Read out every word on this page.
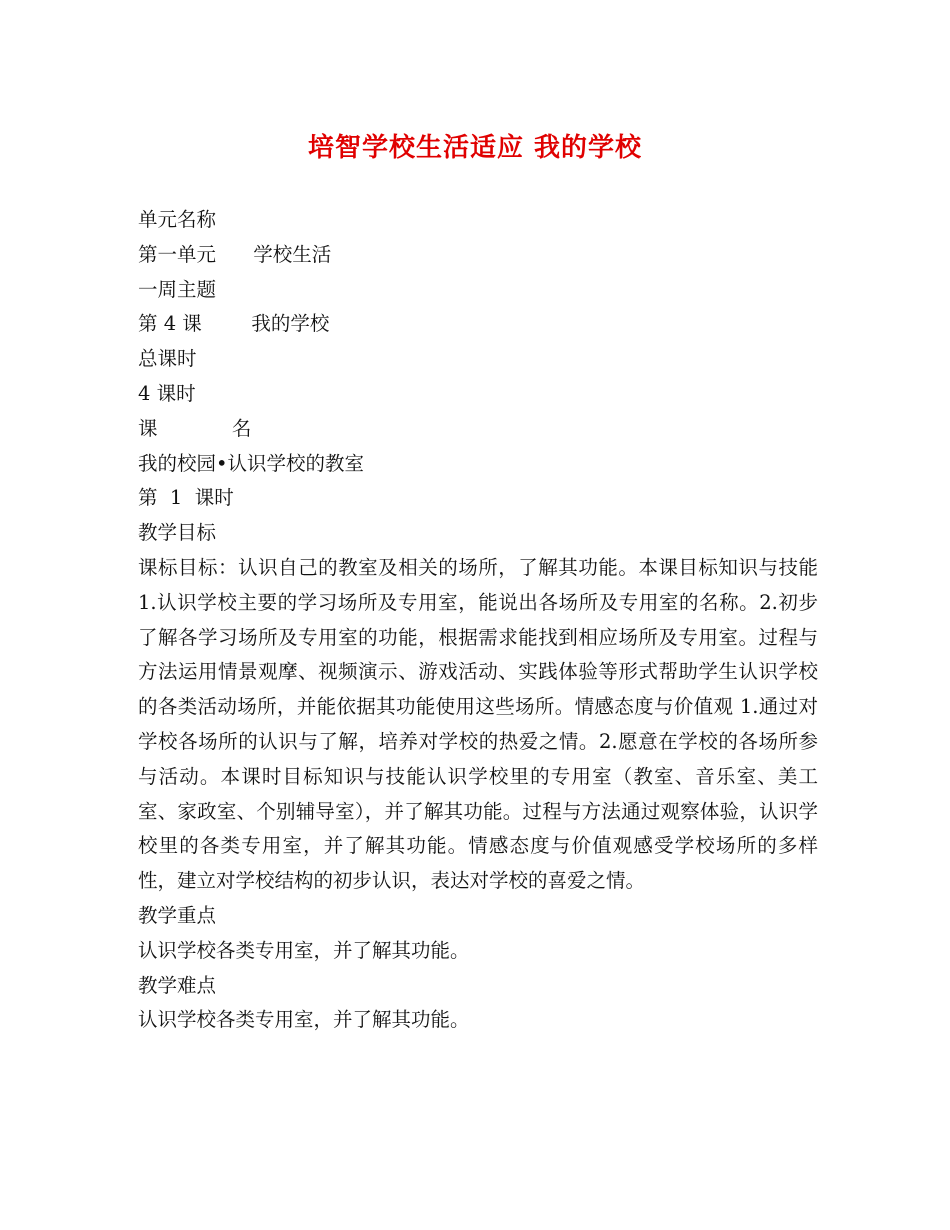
培智学校生活适应 我的学校
单元名称
第一单元      学校生活
一周主题
第 4 课        我的学校
总课时
4 课时
课            名
我的校园•认识学校的教室
第  1  课时
教学目标
课标目标：认识自己的教室及相关的场所，了解其功能。本课目标知识与技能 1.认识学校主要的学习场所及专用室，能说出各场所及专用室的名称。2.初步了解各学习场所及专用室的功能，根据需求能找到相应场所及专用室。过程与方法运用情景观摩、视频演示、游戏活动、实践体验等形式帮助学生认识学校的各类活动场所，并能依据其功能使用这些场所。情感态度与价值观 1.通过对学校各场所的认识与了解，培养对学校的热爱之情。2.愿意在学校的各场所参与活动。本课时目标知识与技能认识学校里的专用室（教室、音乐室、美工室、家政室、个别辅导室），并了解其功能。过程与方法通过观察体验，认识学校里的各类专用室，并了解其功能。情感态度与价值观感受学校场所的多样性，建立对学校结构的初步认识，表达对学校的喜爱之情。
教学重点
认识学校各类专用室，并了解其功能。
教学难点
认识学校各类专用室，并了解其功能。
